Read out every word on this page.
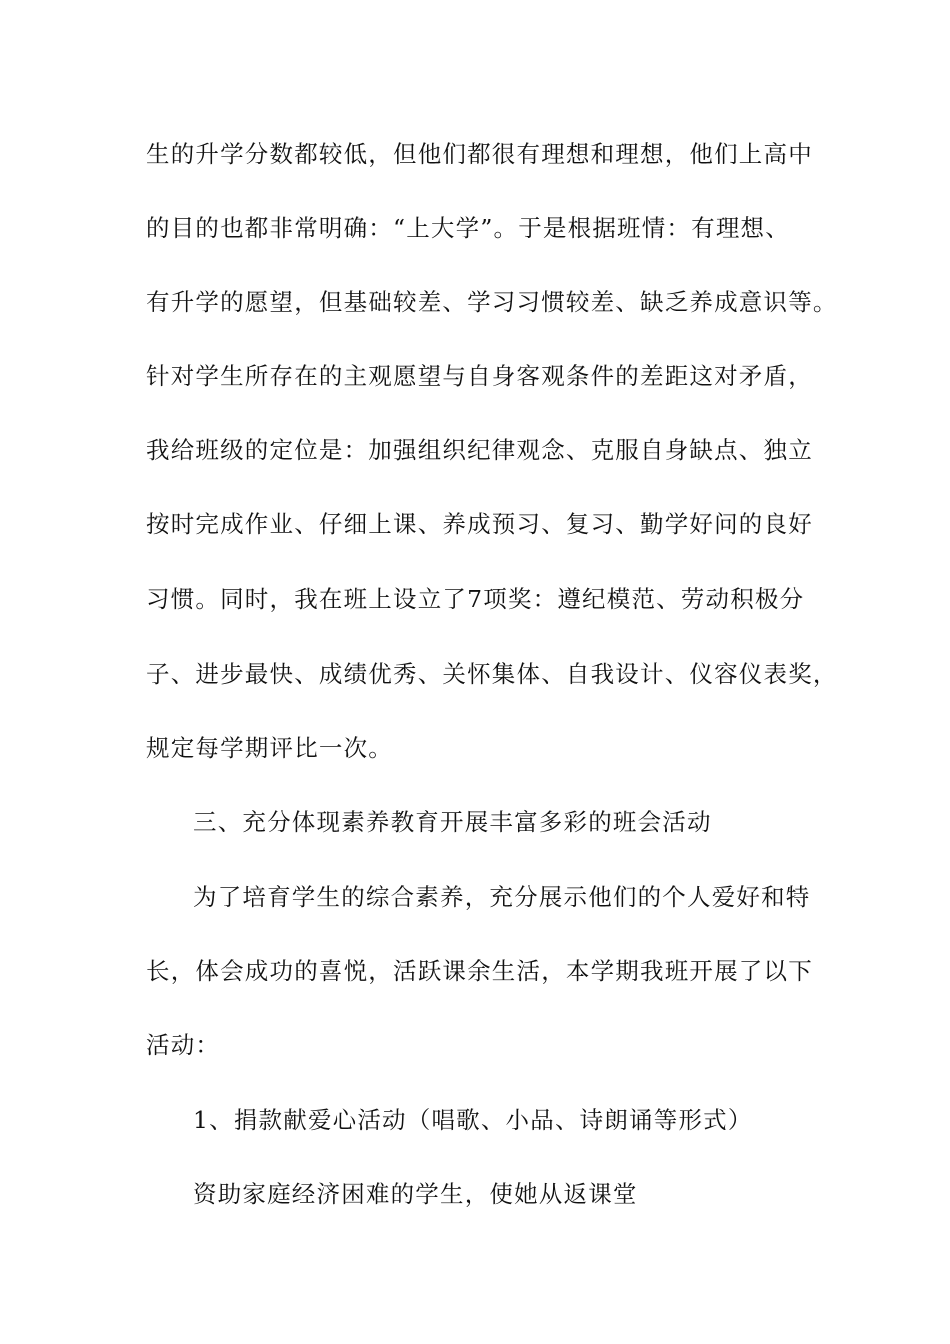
生的升学分数都较低，但他们都很有理想和理想，他们上高中

的目的也都非常明确：“上大学”。于是根据班情：有理想、

有升学的愿望，但基础较差、学习习惯较差、缺乏养成意识等。

针对学生所存在的主观愿望与自身客观条件的差距这对矛盾，

我给班级的定位是：加强组织纪律观念、克服自身缺点、独立

按时完成作业、仔细上课、养成预习、复习、勤学好问的良好

习惯。同时，我在班上设立了7项奖：遵纪模范、劳动积极分

子、进步最快、成绩优秀、关怀集体、自我设计、仪容仪表奖，

规定每学期评比一次。

三、充分体现素养教育开展丰富多彩的班会活动

为了培育学生的综合素养，充分展示他们的个人爱好和特

长，体会成功的喜悦，活跃课余生活，本学期我班开展了以下

活动：

1、捐款献爱心活动（唱歌、小品、诗朗诵等形式）

资助家庭经济困难的学生，使她从返课堂
